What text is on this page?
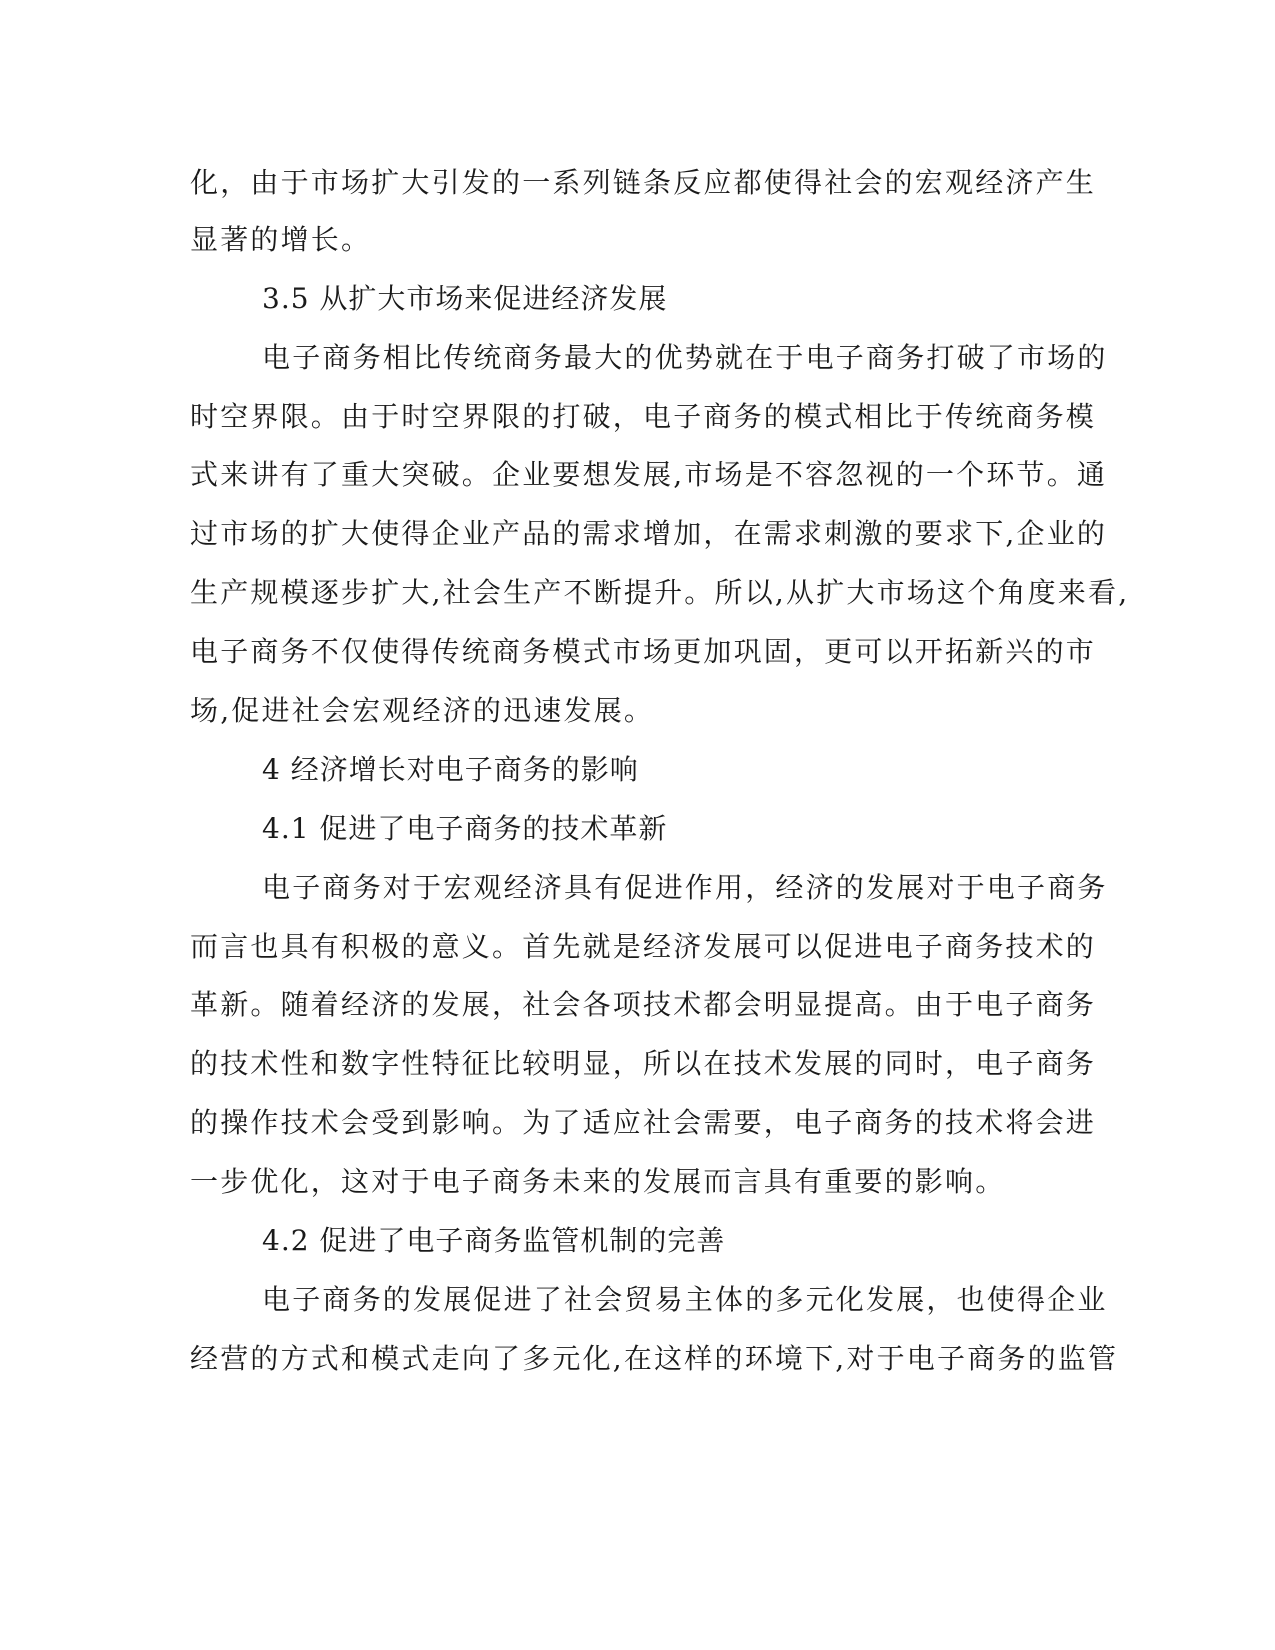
化，由于市场扩大引发的一系列链条反应都使得社会的宏观经济产生
显著的增长。
3.5 从扩大市场来促进经济发展
电子商务相比传统商务最大的优势就在于电子商务打破了市场的
时空界限。由于时空界限的打破，电子商务的模式相比于传统商务模
式来讲有了重大突破。企业要想发展,市场是不容忽视的一个环节。通
过市场的扩大使得企业产品的需求增加，在需求刺激的要求下,企业的
生产规模逐步扩大,社会生产不断提升。所以,从扩大市场这个角度来看,
电子商务不仅使得传统商务模式市场更加巩固，更可以开拓新兴的市
场,促进社会宏观经济的迅速发展。
4 经济增长对电子商务的影响
4.1 促进了电子商务的技术革新
电子商务对于宏观经济具有促进作用，经济的发展对于电子商务
而言也具有积极的意义。首先就是经济发展可以促进电子商务技术的
革新。随着经济的发展，社会各项技术都会明显提高。由于电子商务
的技术性和数字性特征比较明显，所以在技术发展的同时，电子商务
的操作技术会受到影响。为了适应社会需要，电子商务的技术将会进
一步优化，这对于电子商务未来的发展而言具有重要的影响。
4.2 促进了电子商务监管机制的完善
电子商务的发展促进了社会贸易主体的多元化发展，也使得企业
经营的方式和模式走向了多元化,在这样的环境下,对于电子商务的监管
